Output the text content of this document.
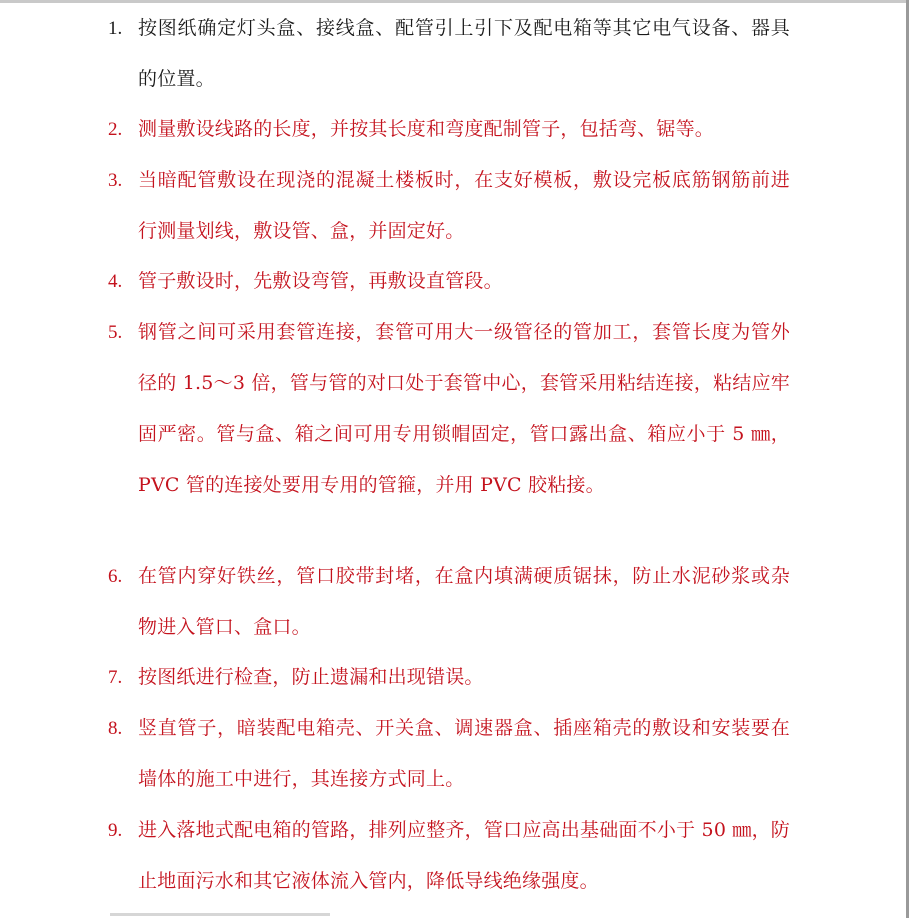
1. 按图纸确定灯头盒、接线盒、配管引上引下及配电箱等其它电气设备、器具的位置。
2. 测量敷设线路的长度，并按其长度和弯度配制管子，包括弯、锯等。
3. 当暗配管敷设在现浇的混凝土楼板时，在支好模板，敷设完板底筋钢筋前进行测量划线，敷设管、盒，并固定好。
4. 管子敷设时，先敷设弯管，再敷设直管段。
5. 钢管之间可采用套管连接，套管可用大一级管径的管加工，套管长度为管外径的 1.5～3 倍，管与管的对口处于套管中心，套管采用粘结连接，粘结应牢固严密。管与盒、箱之间可用专用锁帽固定，管口露出盒、箱应小于 5 ㎜，PVC 管的连接处要用专用的管箍，并用 PVC 胶粘接。
6. 在管内穿好铁丝，管口胶带封堵，在盒内填满硬质锯抹，防止水泥砂浆或杂物进入管口、盒口。
7. 按图纸进行检查，防止遗漏和出现错误。
8. 竖直管子，暗装配电箱壳、开关盒、调速器盒、插座箱壳的敷设和安装要在墙体的施工中进行，其连接方式同上。
9. 进入落地式配电箱的管路，排列应整齐，管口应高出基础面不小于 50 ㎜，防止地面污水和其它液体流入管内，降低导线绝缘强度。
